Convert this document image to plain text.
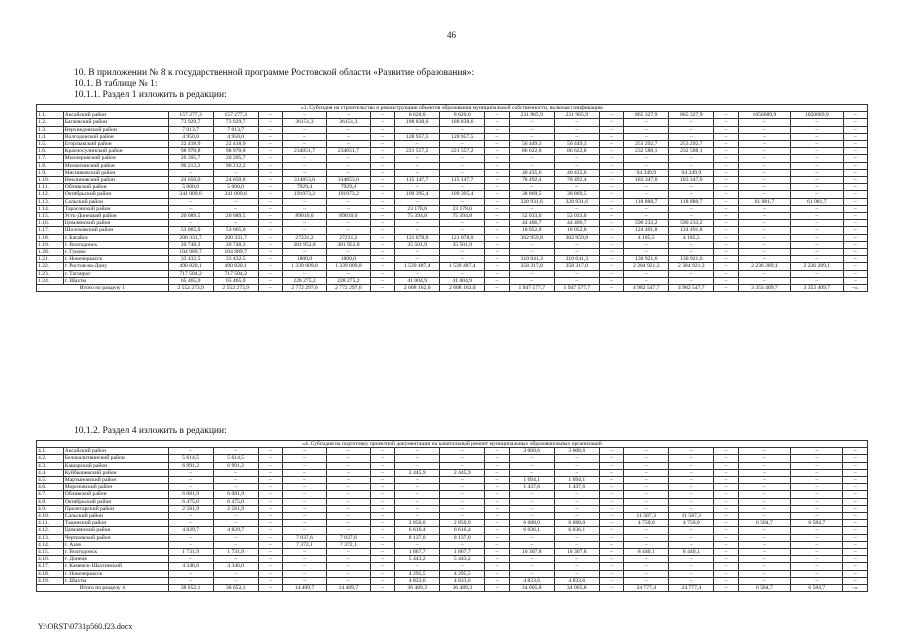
46
10. В приложении № 8 к государственной программе Ростовской области «Развитие образования»:
10.1. В таблице № 1:
10.1.1. Раздел 1 изложить в редакции:
«1. Субсидия на строительство и реконструкцию объектов образования муниципальной собственности, включая газификацию																			
1.1.	Аксайский район	157 277,3	157 277,3	–	–	–	–	8 620,0	8 620,0	–	231 965,9	231 965,9	–	865 327,9	865 327,9	–	1050689,9	1050689,9	–
1.2.	Багаевский район	73 929,7	73 929,7	–	36151,3	36151,3	–	188 838,6	188 838,6	–	–	–	–	–	–	–	–	–	–
1.3.	Верхнедонской район	7 013,7	7 013,7	–	–	–	–	–	–	–	–	–	–	–	–	–	–	–	–
1.4.	Волгодонской район	4 950,0	4 950,0	–	–	–	–	128 957,5	128 957,5	–	–	–	–	–	–	–	–	–	–
1.5.	Егорлыкский район	22 418,9	22 418,9	–	–	–	–	–	–	–	56 449,3	56 449,3	–	253 292,7	253 292,7	–	–	–	–
1.6.	Красносулинский район	98 970,8	98 970,8	–	234051,7	234051,7	–	221 557,2	221 557,2	–	86 622,8	86 622,8	–	232 588,1	232 588,1	–	–	–	–
1.7.	Миллеровский район	20 395,7	20 395,7	–	–	–	–	–	–	–	–	–	–	–	–	–	–	–	–
1.8.	Милютинский район	90 212,2	90 212,2	–	–	–	–	–	–	–	–	–	–	–	–	–	–	–	–
1.9.	Мясниковский район	–	–	–	–	–	–	–	–	–	40 435,6	40 435,6	–	94 349,9	94 349,9	–	–	–	–
1.10.	Неклиновский район	24 650,0	24 650,0	–	314853,0	314853,0	–	115 147,7	115 147,7	–	78 492,4	78 492,4	–	183 347,0	183 347,0	–	–	–	–
1.11.	Обливский район	5 000,0	5 000,0	–	7929,4	7929,4	–	–	–	–	–	–	–	–	–	–	–	–	–
1.12.	Октябрьский район	341 009,6	341 009,6	–	191973,2	191973,2	–	109 395,4	109 395,4	–	38 869,5	38 869,5	–	–	–	–	–	–	–
1.13.	Сальский район	–	–	–	–	–	–	–	–	–	328 931,6	328 931,6	–	118 888,7	118 888,7	–	61 081,7	61 081,7	–
1.14.	Тарасовский район	–	–	–	–	–	–	23 178,6	23 178,6	–	–	–	–	–	–	–	–	–	–
1.15.	Усть-Донецкий район	20 089,5	20 089,5	–	89010,0	89010,0	–	75 394,8	75 394,8	–	52 033,0	52 033,0	–	–	–	–	–	–	–
1.16.	Цимлянский район	–	–	–	–	–	–	–	–	–	44 406,7	44 406,7	–	590 233,2	590 233,2	–	–	–	–
1.17.	Шолоховский район	53 065,0	53 065,0	–	–	–	–	–	–	–	18 052,8	18 052,8	–	124 491,8	124 491,8	–	–	–	–
1.18.	г. Батайск	200 331,7	200 331,7	–	27231,2	27231,2	–	121 078,0	121 078,0	–	302 959,8	302 959,8	–	4 185,5	4 185,5	–	–	–	–
1.19.	г. Волгодонск	20 748,3	20 748,3	–	301 952,8	301 952,8	–	35 501,9	35 501,9	–	–	–	–	–	–	–	–	–	–
1.20.	г. Гуково	104 989,7	104 989,7	–	–	–	–	–	–	–	–	–	–	–	–	–	–	–	–
1.21.	г. Новочеркасск	33 432,5	33 432,5	–	1800,0	1800,0	–	–	–	–	310 041,3	310 041,3	–	130 921,6	130 921,6	–	–	–	–
1.22.	г. Ростов-на-Дону	490 820,1	490 820,1	–	1 339 009,8	1 339 009,8	–	1 539 487,4	1 539 487,4	–	358 317,0	358 317,0	–	2 384 921,3	2 384 921,3	–	2 236 289,1	2 236 289,1	–
1.23.	г. Таганрог	717 504,2	717 504,2	–	–	–	–	–	–	–	–	–	–	–	–	–	–	–	–
1.24.	г. Шахты	65 465,0	65 465,0	–	228 275,2	228 275,2	–	41 004,9	41 004,9	–	–	–	–	–	–	–	–	–	–
Итого по разделу 1		2 552 273,9	2 552 273,9	–	2 772 297,6	2 772 297,6	–	2 608 162,0	2 608 162,0	–	1 947 577,7	1 947 577,7	–	4 982 547,7	4 982 547,7	–	3 353 409,7	3 353 409,7	–».
10.1.2. Раздел 4 изложить в редакции:
«4. Субсидия на подготовку проектной документации на капитальный ремонт муниципальных образовательных организаций																			
4.1.	Аксайский район	–	–	–	–	–	–	–	–	–	3 008,6	3 008,6	–	–	–	–	–	–	–
4.2.	Белокалитвинский район	5 614,5	5 614,5	–	–	–	–	–	–	–	–	–	–	–	–	–	–	–	–
4.3.	Кашарский район	6 991,2	6 991,2	–	–	–	–	–	–	–	–	–	–	–	–	–	–	–	–
4.4.	Куйбышевский район	–	–	–	–	–	–	2 445,9	2 445,9	–	–	–	–	–	–	–	–	–	–
4.5.	Мартыновский район	–	–	–	–	–	–	–	–	–	1 694,1	1 694,1	–	–	–	–	–	–	–
4.6.	Морозовский район	–	–	–	–	–	–	–	–	–	1 437,6	1 437,6	–	–	–	–	–	–	–
4.7.	Обливский район	6 081,9	6 081,9	–	–	–	–	–	–	–	–	–	–	–	–	–	–	–	–
4.8.	Октябрьский район	6 475,0	6 475,0	–	–	–	–	–	–	–	–	–	–	–	–	–	–	–	–
4.9.	Пролетарский район	2 581,9	2 581,9	–	–	–	–	–	–	–	–	–	–	–	–	–	–	–	–
4.10.	Сальский район	–	–	–	–	–	–	–	–	–	–	–	–	11 587,3	11 587,3	–	–	–	–
4.11.	Тацинский район	–	–	–	–	–	–	2 850,0	2 850,0	–	6 688,0	6 688,0	–	4 750,0	4 750,0	–	6 584,7	6 584,7	–
4.12.	Цимлянский район	4 829,7	4 829,7	–	–	–	–	6 616,4	6 616,4	–	6 036,1	6 036,1	–	–	–	–	–	–	–
4.13.	Чертковский район	–	–	–	7 037,6	7 037,6	–	8 137,0	8 137,0	–	–	–	–	–	–	–	–	–	–
4.14.	г. Азов	–	–	–	7 372,1	7 372,1	–	–	–	–	–	–	–	–	–	–	–	–	–
4.15.	г. Волгодонск	1 731,9	1 731,9	–	–	–	–	1 867,7	1 867,7	–	10 307,8	10 307,8	–	8 440,1	8 440,1	–	–	–	–
4.16.	г. Донецк	–	–	–	–	–	–	5 443,2	5 443,2	–	–	–	–	–	–	–	–	–	–
4.17.	г. Каменск-Шахтинский	4 346,0	4 346,0	–	–	–	–	–	–	–	–	–	–	–	–	–	–	–	–
4.18.	г. Новочеркасск	–	–	–	–	–	–	4 295,5	4 295,5	–	–	–	–	–	–	–	–	–	–
4.19.	г. Шахты	–	–	–	–	–	–	4 833,6	4 833,6	–	4 833,6	4 833,6	–	–	–	–	–	–	–
Итого по разделу 4		38 652,1	38 652,1	–	14 409,7	14 409,7	–	36 489,3	36 489,3	–	34 005,8	34 005,8	–	24 777,4	24 777,4	–	6 584,7	6 584,7	–».
Y:\ORST\0731p560.f23.docx
